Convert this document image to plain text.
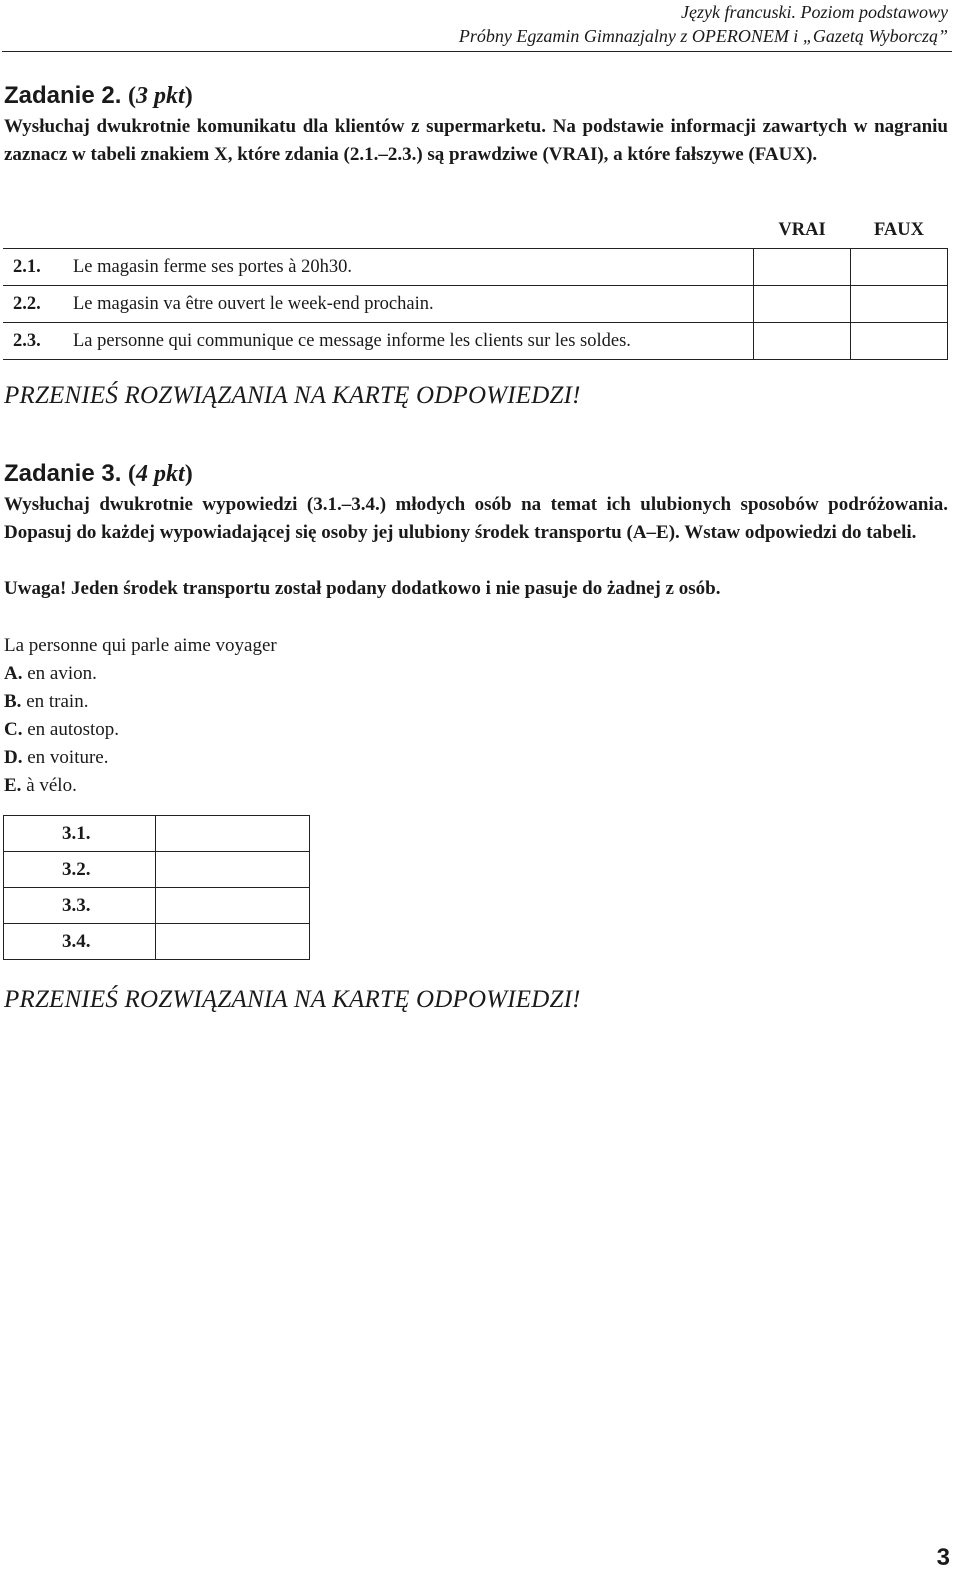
Język francuski. Poziom podstawowy
Próbny Egzamin Gimnazjalny z OPERONEM i „Gazetą Wyborczą”
Zadanie 2. (3 pkt)
Wysłuchaj dwukrotnie komunikatu dla klientów z supermarketu. Na podstawie informacji zawartych w nagraniu zaznacz w tabeli znakiem X, które zdania (2.1.–2.3.) są prawdziwe (VRAI), a które fałszywe (FAUX).
		VRAI	FAUX
2.1.	Le magasin ferme ses portes à 20h30.		
2.2.	Le magasin va être ouvert le week-end prochain.		
2.3.	La personne qui communique ce message informe les clients sur les soldes.		
PRZENIEŚ ROZWIĄZANIA NA KARTĘ ODPOWIEDZI!
Zadanie 3. (4 pkt)
Wysłuchaj dwukrotnie wypowiedzi (3.1.–3.4.) młodych osób na temat ich ulubionych sposobów podróżowania. Dopasuj do każdej wypowiadającej się osoby jej ulubiony środek transportu (A–E). Wstaw odpowiedzi do tabeli.
Uwaga! Jeden środek transportu został podany dodatkowo i nie pasuje do żadnej z osób.
La personne qui parle aime voyager
A. en avion.
B. en train.
C. en autostop.
D. en voiture.
E. à vélo.
3.1.	
3.2.	
3.3.	
3.4.	
PRZENIEŚ ROZWIĄZANIA NA KARTĘ ODPOWIEDZI!
3
